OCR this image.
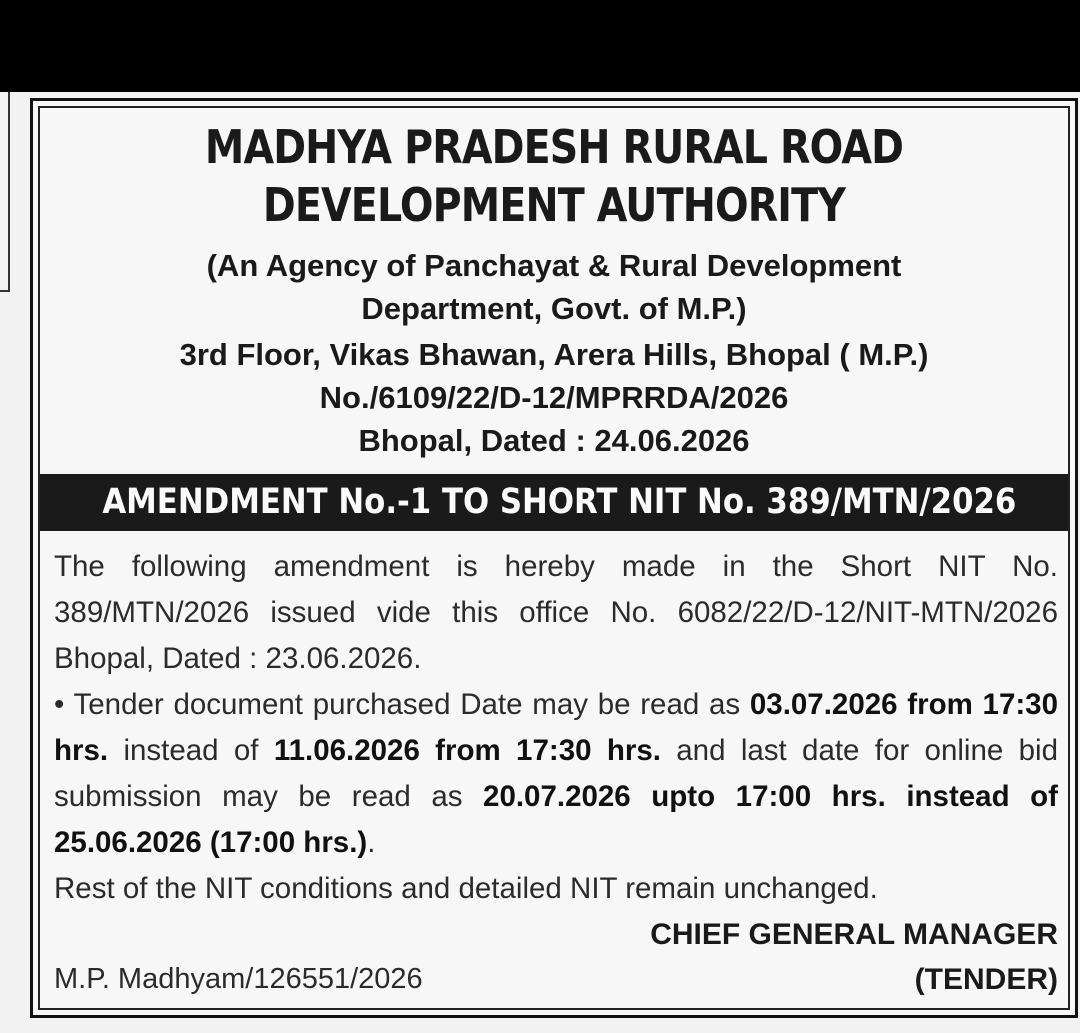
MADHYA PRADESH RURAL ROAD
DEVELOPMENT AUTHORITY
(An Agency of Panchayat & Rural Development
Department, Govt. of M.P.)
3rd Floor, Vikas Bhawan, Arera Hills, Bhopal ( M.P.)
No./6109/22/D-12/MPRRDA/2026
Bhopal, Dated : 24.06.2026
AMENDMENT No.-1 TO SHORT NIT No. 389/MTN/2026

The following amendment is hereby made in the Short NIT No. 389/MTN/2026 issued vide this office No. 6082/22/D-12/NIT-MTN/2026 Bhopal, Dated : 23.06.2026.

• Tender document purchased Date may be read as 03.07.2026 from 17:30 hrs. instead of 11.06.2026 from 17:30 hrs. and last date for online bid submission may be read as 20.07.2026 upto 17:00 hrs. instead of 25.06.2026 (17:00 hrs.).

Rest of the NIT conditions and detailed NIT remain unchanged.

CHIEF GENERAL MANAGER
M.P. Madhyam/126551/2026	(TENDER)
